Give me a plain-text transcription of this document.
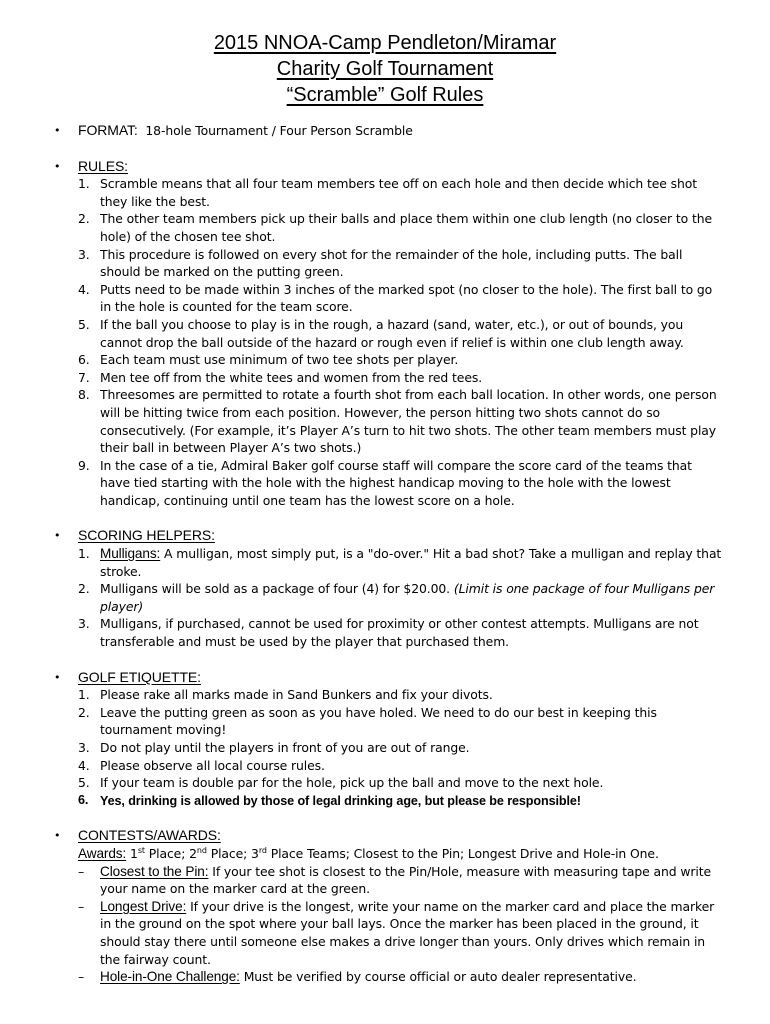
2015 NNOA-Camp Pendleton/Miramar
Charity Golf Tournament
“Scramble” Golf Rules
• FORMAT: 18-hole Tournament / Four Person Scramble
• RULES:
1. Scramble means that all four team members tee off on each hole and then decide which tee shot they like the best.
2. The other team members pick up their balls and place them within one club length (no closer to the hole) of the chosen tee shot.
3. This procedure is followed on every shot for the remainder of the hole, including putts. The ball should be marked on the putting green.
4. Putts need to be made within 3 inches of the marked spot (no closer to the hole). The first ball to go in the hole is counted for the team score.
5. If the ball you choose to play is in the rough, a hazard (sand, water, etc.), or out of bounds, you cannot drop the ball outside of the hazard or rough even if relief is within one club length away.
6. Each team must use minimum of two tee shots per player.
7. Men tee off from the white tees and women from the red tees.
8. Threesomes are permitted to rotate a fourth shot from each ball location. In other words, one person will be hitting twice from each position. However, the person hitting two shots cannot do so consecutively. (For example, it’s Player A’s turn to hit two shots. The other team members must play their ball in between Player A’s two shots.)
9. In the case of a tie, Admiral Baker golf course staff will compare the score card of the teams that have tied starting with the hole with the highest handicap moving to the hole with the lowest handicap, continuing until one team has the lowest score on a hole.
• SCORING HELPERS:
1. Mulligans: A mulligan, most simply put, is a "do-over." Hit a bad shot? Take a mulligan and replay that stroke.
2. Mulligans will be sold as a package of four (4) for $20.00. (Limit is one package of four Mulligans per player)
3. Mulligans, if purchased, cannot be used for proximity or other contest attempts. Mulligans are not transferable and must be used by the player that purchased them.
• GOLF ETIQUETTE:
1. Please rake all marks made in Sand Bunkers and fix your divots.
2. Leave the putting green as soon as you have holed. We need to do our best in keeping this tournament moving!
3. Do not play until the players in front of you are out of range.
4. Please observe all local course rules.
5. If your team is double par for the hole, pick up the ball and move to the next hole.
6. Yes, drinking is allowed by those of legal drinking age, but please be responsible!
• CONTESTS/AWARDS:
Awards: 1st Place; 2nd Place; 3rd Place Teams; Closest to the Pin; Longest Drive and Hole-in One.
– Closest to the Pin: If your tee shot is closest to the Pin/Hole, measure with measuring tape and write your name on the marker card at the green.
– Longest Drive: If your drive is the longest, write your name on the marker card and place the marker in the ground on the spot where your ball lays. Once the marker has been placed in the ground, it should stay there until someone else makes a drive longer than yours. Only drives which remain in the fairway count.
– Hole-in-One Challenge: Must be verified by course official or auto dealer representative.
